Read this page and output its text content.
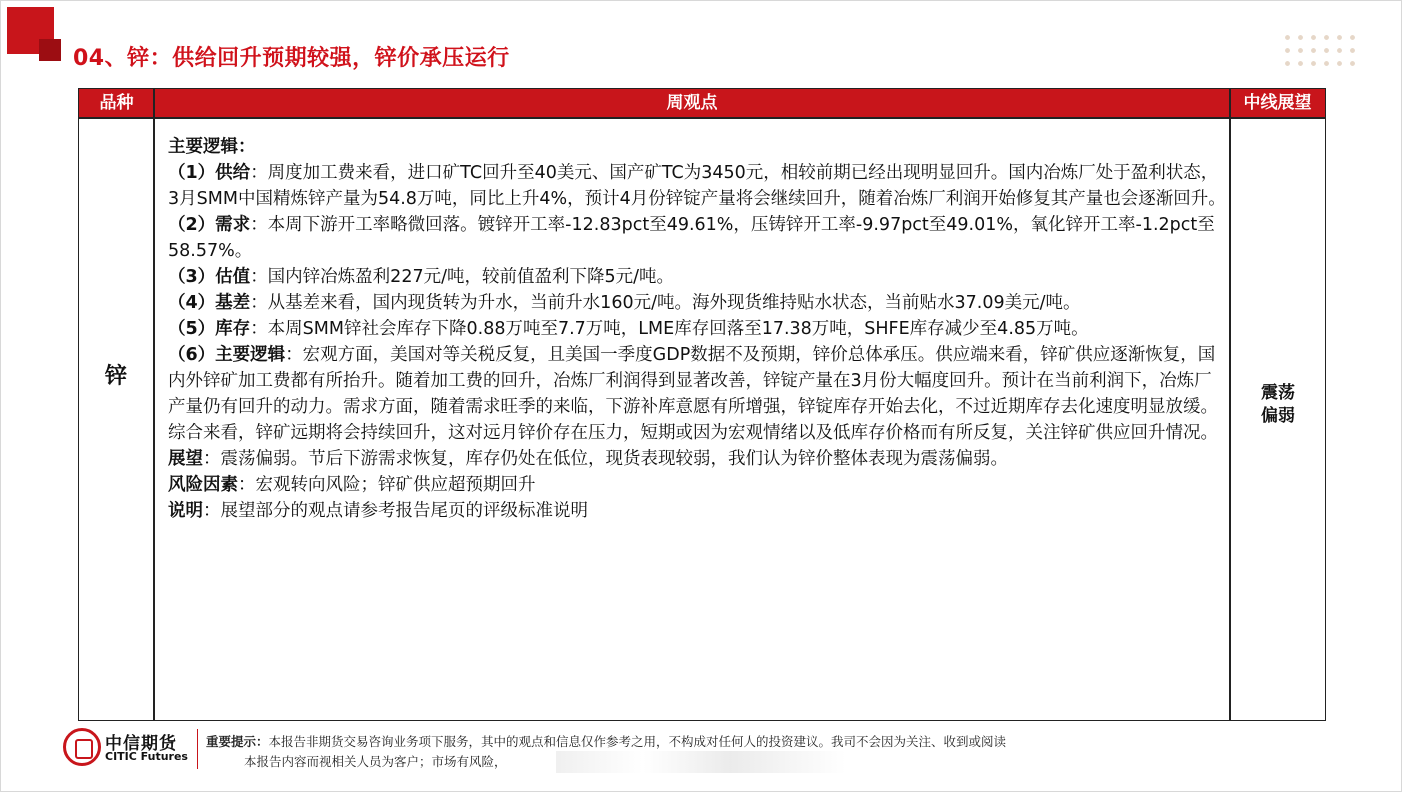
04、锌：供给回升预期较强，锌价承压运行
品种	周观点	中线展望
锌

主要逻辑：

（1）供给：周度加工费来看，进口矿TC回升至40美元、国产矿TC为3450元，相较前期已经出现明显回升。国内冶炼厂处于盈利状态，3月SMM中国精炼锌产量为54.8万吨，同比上升4%，预计4月份锌锭产量将会继续回升，随着冶炼厂利润开始修复其产量也会逐渐回升。

（2）需求：本周下游开工率略微回落。镀锌开工率-12.83pct至49.61%，压铸锌开工率-9.97pct至49.01%，氧化锌开工率-1.2pct至58.57%。

（3）估值：国内锌冶炼盈利227元/吨，较前值盈利下降5元/吨。

（4）基差：从基差来看，国内现货转为升水，当前升水160元/吨。海外现货维持贴水状态，当前贴水37.09美元/吨。

（5）库存：本周SMM锌社会库存下降0.88万吨至7.7万吨，LME库存回落至17.38万吨，SHFE库存减少至4.85万吨。

（6）主要逻辑：宏观方面，美国对等关税反复，且美国一季度GDP数据不及预期，锌价总体承压。供应端来看，锌矿供应逐渐恢复，国内外锌矿加工费都有所抬升。随着加工费的回升，冶炼厂利润得到显著改善，锌锭产量在3月份大幅度回升。预计在当前利润下，冶炼厂产量仍有回升的动力。需求方面，随着需求旺季的来临，下游补库意愿有所增强，锌锭库存开始去化，不过近期库存去化速度明显放缓。综合来看，锌矿远期将会持续回升，这对远月锌价存在压力，短期或因为宏观情绪以及低库存价格而有所反复，关注锌矿供应回升情况。

展望：震荡偏弱。节后下游需求恢复，库存仍处在低位，现货表现较弱，我们认为锌价整体表现为震荡偏弱。

风险因素：宏观转向风险；锌矿供应超预期回升

说明：展望部分的观点请参考报告尾页的评级标准说明

震荡
偏弱
中信期货
CITIC Futures
重要提示：本报告非期货交易咨询业务项下服务，其中的观点和信息仅作参考之用，不构成对任何人的投资建议。我司不会因为关注、收到或阅读
本报告内容而视相关人员为客户；市场有风险，
